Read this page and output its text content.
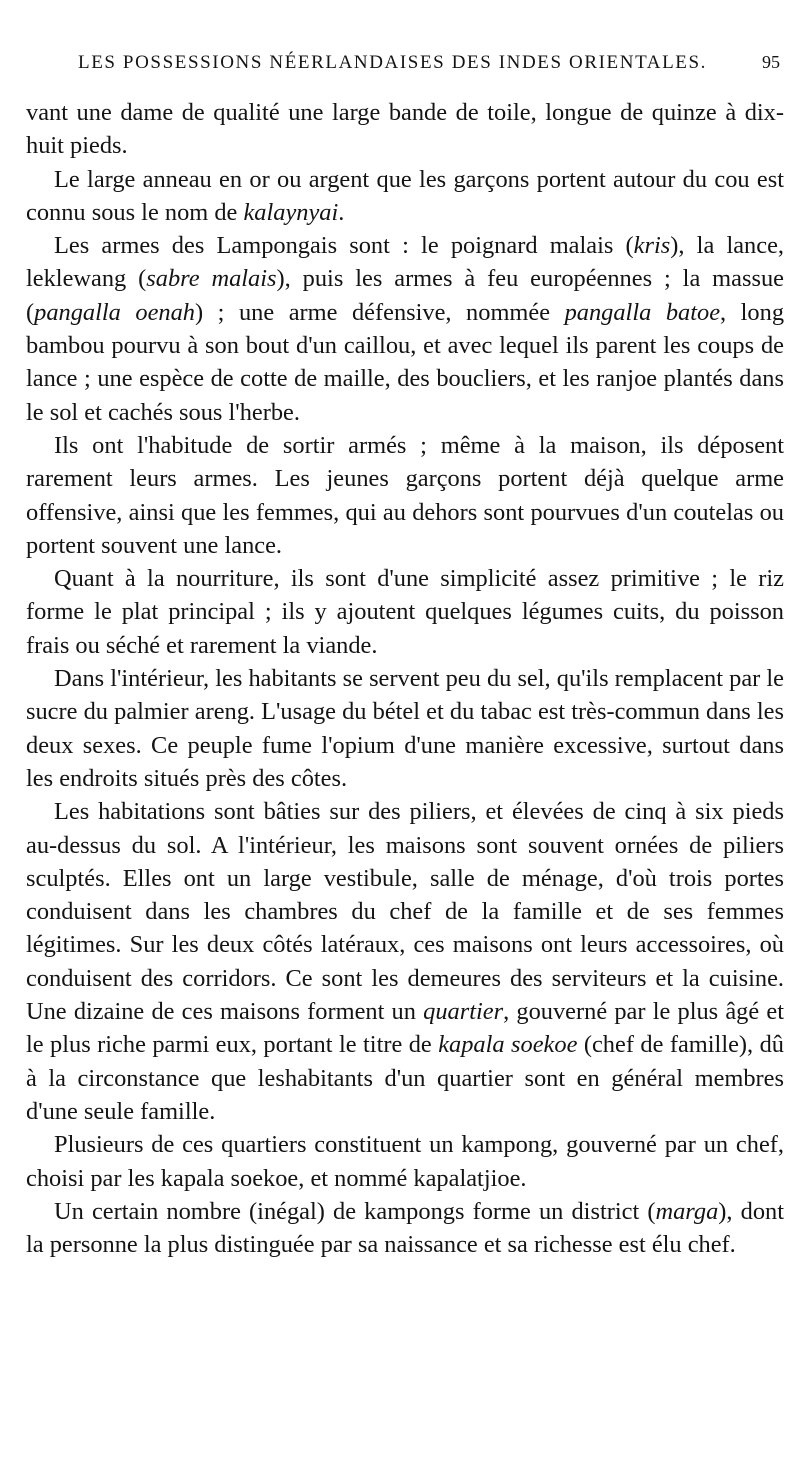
LES POSSESSIONS NÉERLANDAISES DES INDES ORIENTALES.	95

vant une dame de qualité une large bande de toile, longue de quinze à dix-huit pieds.

Le large anneau en or ou argent que les garçons portent autour du cou est connu sous le nom de kalaynyai.

Les armes des Lampongais sont : le poignard malais (kris), la lance, leklewang (sabre malais), puis les armes à feu européennes ; la massue (pangalla oenah) ; une arme défensive, nommée pangalla batoe, long bambou pourvu à son bout d'un caillou, et avec lequel ils parent les coups de lance ; une espèce de cotte de maille, des boucliers, et les ranjoe plantés dans le sol et cachés sous l'herbe.

Ils ont l'habitude de sortir armés ; même à la maison, ils déposent rarement leurs armes. Les jeunes garçons portent déjà quelque arme offensive, ainsi que les femmes, qui au dehors sont pourvues d'un coutelas ou portent souvent une lance.

Quant à la nourriture, ils sont d'une simplicité assez primitive ; le riz forme le plat principal ; ils y ajoutent quelques légumes cuits, du poisson frais ou séché et rarement la viande.

Dans l'intérieur, les habitants se servent peu du sel, qu'ils remplacent par le sucre du palmier areng. L'usage du bétel et du tabac est très-commun dans les deux sexes. Ce peuple fume l'opium d'une manière excessive, surtout dans les endroits situés près des côtes.

Les habitations sont bâties sur des piliers, et élevées de cinq à six pieds au-dessus du sol. A l'intérieur, les maisons sont souvent ornées de piliers sculptés. Elles ont un large vestibule, salle de ménage, d'où trois portes conduisent dans les chambres du chef de la famille et de ses femmes légitimes. Sur les deux côtés latéraux, ces maisons ont leurs accessoires, où conduisent des corridors. Ce sont les demeures des serviteurs et la cuisine. Une dizaine de ces maisons forment un quartier, gouverné par le plus âgé et le plus riche parmi eux, portant le titre de kapala soekoe (chef de famille), dû à la circonstance que leshabitants d'un quartier sont en général membres d'une seule famille.

Plusieurs de ces quartiers constituent un kampong, gouverné par un chef, choisi par les kapala soekoe, et nommé kapalatjioe.

Un certain nombre (inégal) de kampongs forme un district (marga), dont la personne la plus distinguée par sa naissance et sa richesse est élu chef.
